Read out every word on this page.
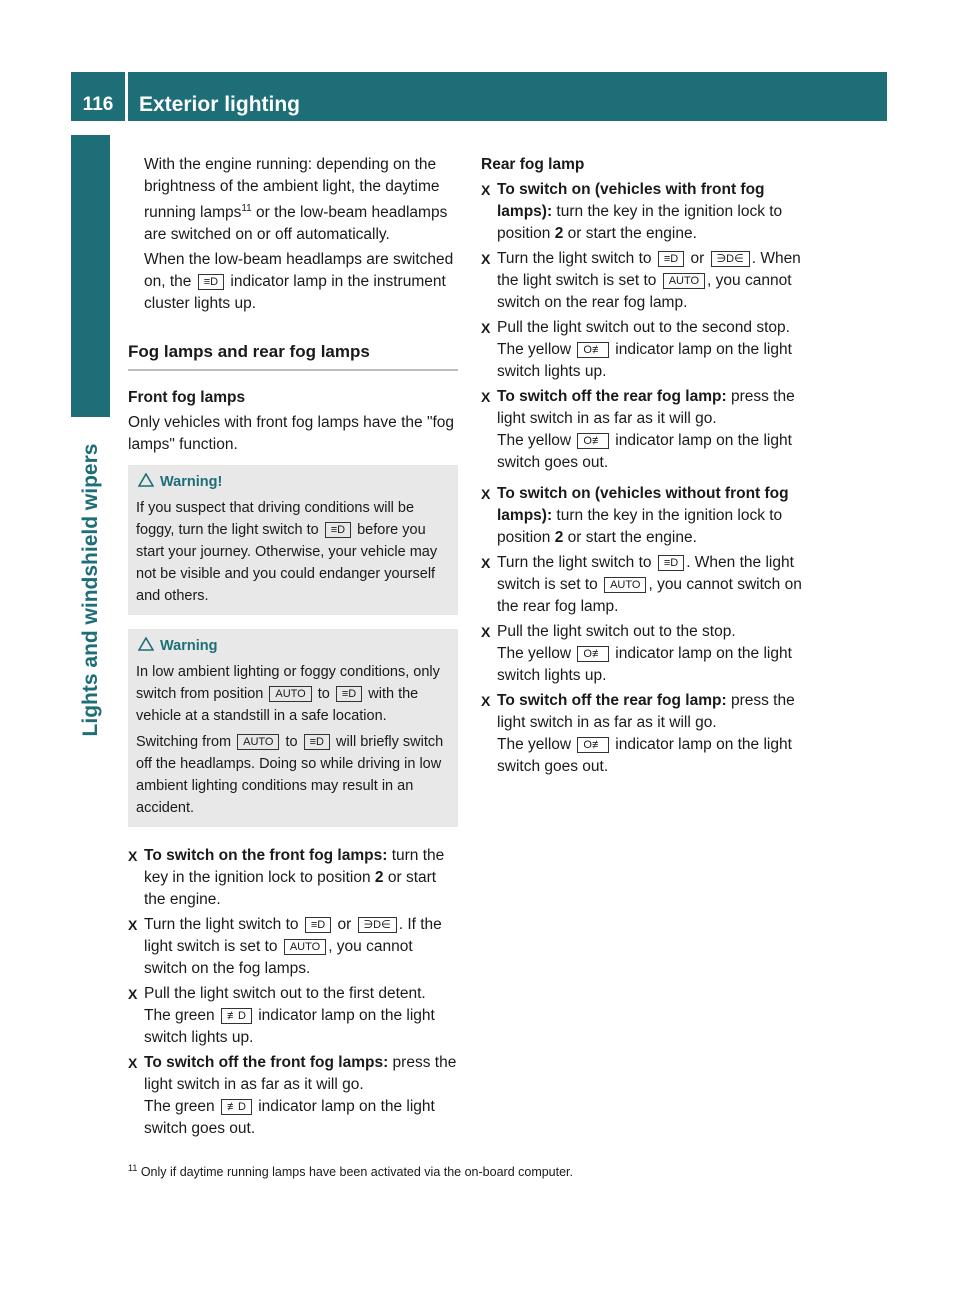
116	Exterior lighting
Lights and windshield wipers

With the engine running: depending on the brightness of the ambient light, the daytime running lamps$^{11}$ or the low-beam headlamps are switched on or off automatically.

When the low-beam headlamps are switched on, the ≡D indicator lamp in the instrument cluster lights up.

Fog lamps and rear fog lamps

Front fog lamps

Only vehicles with front fog lamps have the "fog lamps" function.

Warning!

If you suspect that driving conditions will be foggy, turn the light switch to ≡D before you start your journey. Otherwise, your vehicle may not be visible and you could endanger yourself and others.

Warning

In low ambient lighting or foggy conditions, only switch from position AUTO to ≡D with the vehicle at a standstill in a safe location.

Switching from AUTO to ≡D will briefly switch off the headlamps. Doing so while driving in low ambient lighting conditions may result in an accident.

X To switch on the front fog lamps: turn the key in the ignition lock to position 2 or start the engine.
X Turn the light switch to ≡D or ∋D∈ . If the light switch is set to AUTO , you cannot switch on the fog lamps.
X Pull the light switch out to the first detent.
The green ≢D indicator lamp on the light switch lights up.
X To switch off the front fog lamps: press the light switch in as far as it will go.
The green ≢D indicator lamp on the light switch goes out.

Rear fog lamp

X To switch on (vehicles with front fog lamps): turn the key in the ignition lock to position 2 or start the engine.
X Turn the light switch to ≡D or ∋D∈ . When the light switch is set to AUTO , you cannot switch on the rear fog lamp.
X Pull the light switch out to the second stop.
The yellow O≢ indicator lamp on the light switch lights up.
X To switch off the rear fog lamp: press the light switch in as far as it will go.
The yellow O≢ indicator lamp on the light switch goes out.
X To switch on (vehicles without front fog lamps): turn the key in the ignition lock to position 2 or start the engine.
X Turn the light switch to ≡D . When the light switch is set to AUTO , you cannot switch on the rear fog lamp.
X Pull the light switch out to the stop.
The yellow O≢ indicator lamp on the light switch lights up.
X To switch off the rear fog lamp: press the light switch in as far as it will go.
The yellow O≢ indicator lamp on the light switch goes out.
$^{11}$ Only if daytime running lamps have been activated via the on-board computer.
